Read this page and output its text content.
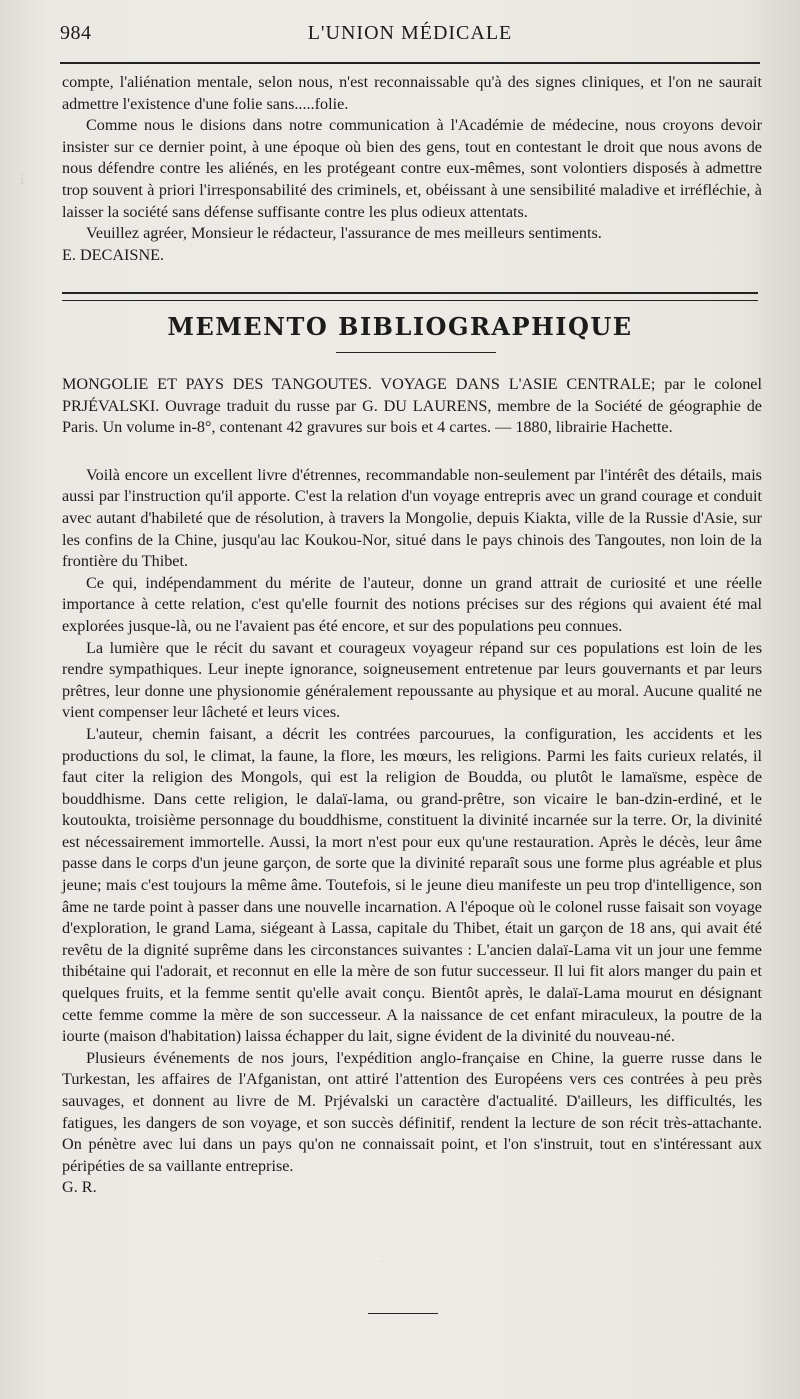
i
.
984	L'UNION MÉDICALE

compte, l'aliénation mentale, selon nous, n'est reconnaissable qu'à des signes cliniques, et l'on ne saurait admettre l'existence d'une folie sans.....folie.

Comme nous le disions dans notre communication à l'Académie de médecine, nous croyons devoir insister sur ce dernier point, à une époque où bien des gens, tout en contestant le droit que nous avons de nous défendre contre les aliénés, en les protégeant contre eux-mêmes, sont volontiers disposés à admettre trop souvent à priori l'irresponsabilité des criminels, et, obéissant à une sensibilité maladive et irréfléchie, à laisser la société sans défense suffisante contre les plus odieux attentats.

Veuillez agréer, Monsieur le rédacteur, l'assurance de mes meilleurs sentiments.

E. DECAISNE.

MEMENTO BIBLIOGRAPHIQUE

MONGOLIE ET PAYS DES TANGOUTES. VOYAGE DANS L'ASIE CENTRALE; par le colonel PRJÉVALSKI. Ouvrage traduit du russe par G. DU LAURENS, membre de la Société de géographie de Paris. Un volume in-8°, contenant 42 gravures sur bois et 4 cartes. — 1880, librairie Hachette.

Voilà encore un excellent livre d'étrennes, recommandable non-seulement par l'intérêt des détails, mais aussi par l'instruction qu'il apporte. C'est la relation d'un voyage entrepris avec un grand courage et conduit avec autant d'habileté que de résolution, à travers la Mongolie, depuis Kiakta, ville de la Russie d'Asie, sur les confins de la Chine, jusqu'au lac Koukou-Nor, situé dans le pays chinois des Tangoutes, non loin de la frontière du Thibet.

Ce qui, indépendamment du mérite de l'auteur, donne un grand attrait de curiosité et une réelle importance à cette relation, c'est qu'elle fournit des notions précises sur des régions qui avaient été mal explorées jusque-là, ou ne l'avaient pas été encore, et sur des populations peu connues.

La lumière que le récit du savant et courageux voyageur répand sur ces populations est loin de les rendre sympathiques. Leur inepte ignorance, soigneusement entretenue par leurs gouvernants et par leurs prêtres, leur donne une physionomie généralement repoussante au physique et au moral. Aucune qualité ne vient compenser leur lâcheté et leurs vices.

L'auteur, chemin faisant, a décrit les contrées parcourues, la configuration, les accidents et les productions du sol, le climat, la faune, la flore, les mœurs, les religions. Parmi les faits curieux relatés, il faut citer la religion des Mongols, qui est la religion de Boudda, ou plutôt le lamaïsme, espèce de bouddhisme. Dans cette religion, le dalaï-lama, ou grand-prêtre, son vicaire le ban-dzin-erdiné, et le koutoukta, troisième personnage du bouddhisme, constituent la divinité incarnée sur la terre. Or, la divinité est nécessairement immortelle. Aussi, la mort n'est pour eux qu'une restauration. Après le décès, leur âme passe dans le corps d'un jeune garçon, de sorte que la divinité reparaît sous une forme plus agréable et plus jeune; mais c'est toujours la même âme. Toutefois, si le jeune dieu manifeste un peu trop d'intelligence, son âme ne tarde point à passer dans une nouvelle incarnation. A l'époque où le colonel russe faisait son voyage d'exploration, le grand Lama, siégeant à Lassa, capitale du Thibet, était un garçon de 18 ans, qui avait été revêtu de la dignité suprême dans les circonstances suivantes : L'ancien dalaï-Lama vit un jour une femme thibétaine qui l'adorait, et reconnut en elle la mère de son futur successeur. Il lui fit alors manger du pain et quelques fruits, et la femme sentit qu'elle avait conçu. Bientôt après, le dalaï-Lama mourut en désignant cette femme comme la mère de son successeur. A la naissance de cet enfant miraculeux, la poutre de la iourte (maison d'habitation) laissa échapper du lait, signe évident de la divinité du nouveau-né.

Plusieurs événements de nos jours, l'expédition anglo-française en Chine, la guerre russe dans le Turkestan, les affaires de l'Afganistan, ont attiré l'attention des Européens vers ces contrées à peu près sauvages, et donnent au livre de M. Prjévalski un caractère d'actualité. D'ailleurs, les difficultés, les fatigues, les dangers de son voyage, et son succès définitif, rendent la lecture de son récit très-attachante. On pénètre avec lui dans un pays qu'on ne connaissait point, et l'on s'instruit, tout en s'intéressant aux péripéties de sa vaillante entreprise.

G. R.
